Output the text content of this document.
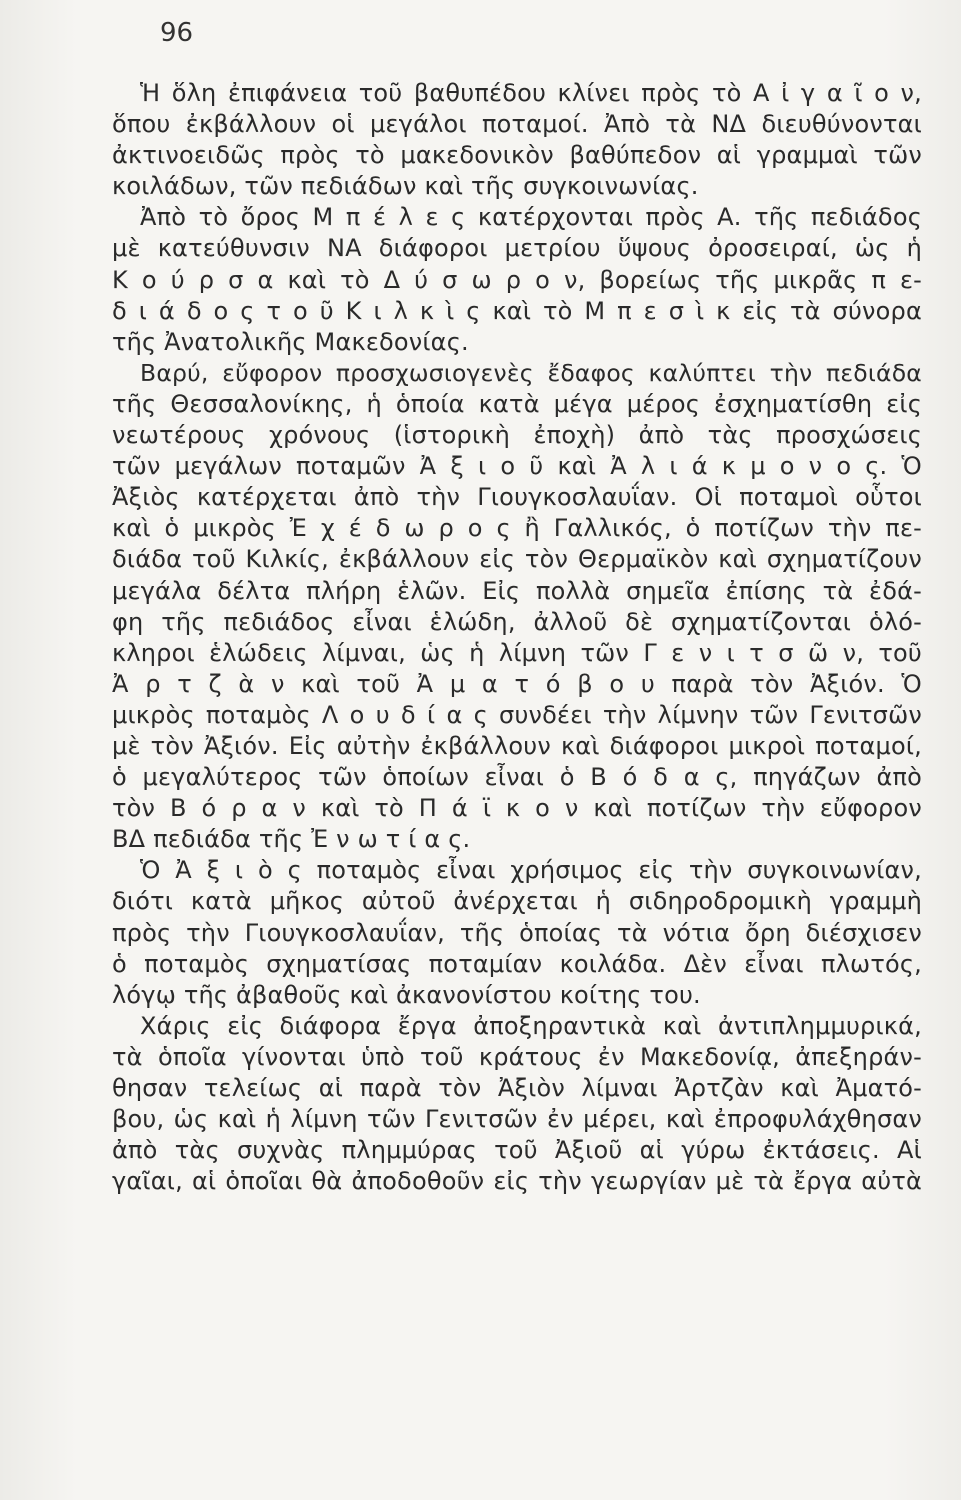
96
Ἡ ὅλη ἐπιφάνεια τοῦ βαθυπέδου κλίνει πρὸς τὸ Α ἰ γ α ῖ ο ν,
ὅπου ἐκβάλλουν οἱ μεγάλοι ποταμοί. Ἀπὸ τὰ ΝΔ διευθύνονται
ἀκτινοειδῶς πρὸς τὸ μακεδονικὸν βαθύπεδον αἱ γραμμαὶ τῶν
κοιλάδων, τῶν πεδιάδων καὶ τῆς συγκοινωνίας.
Ἀπὸ τὸ ὄρος Μ π έ λ ε ς κατέρχονται πρὸς Α. τῆς πεδιάδος
μὲ κατεύθυνσιν ΝΑ διάφοροι μετρίου ὕψους ὀροσειραί, ὡς ἡ
Κ ο ύ ρ σ α καὶ τὸ Δ ύ σ ω ρ ο ν, βορείως τῆς μικρᾶς π ε-
δ ι ά δ ο ς τ ο ῦ Κ ι λ κ ὶ ς καὶ τὸ Μ π ε σ ὶ κ εἰς τὰ σύνορα
τῆς Ἀνατολικῆς Μακεδονίας.
Βαρύ, εὔφορον προσχωσιογενὲς ἔδαφος καλύπτει τὴν πεδιάδα
τῆς Θεσσαλονίκης, ἡ ὁποία κατὰ μέγα μέρος ἐσχηματίσθη εἰς
νεωτέρους χρόνους (ἱστορικὴ ἐποχὴ) ἀπὸ τὰς προσχώσεις
τῶν μεγάλων ποταμῶν Ἀ ξ ι ο ῦ καὶ Ἀ λ ι ά κ μ ο ν ο ς. Ὁ
Ἀξιὸς κατέρχεται ἀπὸ τὴν Γιουγκοσλαυΐαν. Οἱ ποταμοὶ οὗτοι
καὶ ὁ μικρὸς Ἐ χ έ δ ω ρ ο ς ἢ Γαλλικός, ὁ ποτίζων τὴν πε-
διάδα τοῦ Κιλκίς, ἐκβάλλουν εἰς τὸν Θερμαϊκὸν καὶ σχηματίζουν
μεγάλα δέλτα πλήρη ἑλῶν. Εἰς πολλὰ σημεῖα ἐπίσης τὰ ἐδά-
φη τῆς πεδιάδος εἶναι ἑλώδη, ἀλλοῦ δὲ σχηματίζονται ὁλό-
κληροι ἑλώδεις λίμναι, ὡς ἡ λίμνη τῶν Γ ε ν ι τ σ ῶ ν, τοῦ
Ἀ ρ τ ζ ὰ ν καὶ τοῦ Ἀ μ α τ ό β ο υ παρὰ τὸν Ἀξιόν. Ὁ
μικρὸς ποταμὸς Λ ο υ δ ί α ς συνδέει τὴν λίμνην τῶν Γενιτσῶν
μὲ τὸν Ἀξιόν. Εἰς αὐτὴν ἐκβάλλουν καὶ διάφοροι μικροὶ ποταμοί,
ὁ μεγαλύτερος τῶν ὁποίων εἶναι ὁ Β ό δ α ς, πηγάζων ἀπὸ
τὸν Β ό ρ α ν καὶ τὸ Π ά ϊ κ ο ν καὶ ποτίζων τὴν εὔφορον
ΒΔ πεδιάδα τῆς Ἐ ν ω τ ί α ς.
Ὁ Ἀ ξ ι ὸ ς ποταμὸς εἶναι χρήσιμος εἰς τὴν συγκοινωνίαν,
διότι κατὰ μῆκος αὐτοῦ ἀνέρχεται ἡ σιδηροδρομικὴ γραμμὴ
πρὸς τὴν Γιουγκοσλαυΐαν, τῆς ὁποίας τὰ νότια ὄρη διέσχισεν
ὁ ποταμὸς σχηματίσας ποταμίαν κοιλάδα. Δὲν εἶναι πλωτός,
λόγῳ τῆς ἀβαθοῦς καὶ ἀκανονίστου κοίτης του.
Χάρις εἰς διάφορα ἔργα ἀποξηραντικὰ καὶ ἀντιπλημμυρικά,
τὰ ὁποῖα γίνονται ὑπὸ τοῦ κράτους ἐν Μακεδονίᾳ, ἀπεξηράν-
θησαν τελείως αἱ παρὰ τὸν Ἀξιὸν λίμναι Ἀρτζὰν καὶ Ἀματό-
βου, ὡς καὶ ἡ λίμνη τῶν Γενιτσῶν ἐν μέρει, καὶ ἐπροφυλάχθησαν
ἀπὸ τὰς συχνὰς πλημμύρας τοῦ Ἀξιοῦ αἱ γύρω ἐκτάσεις. Αἱ
γαῖαι, αἱ ὁποῖαι θὰ ἀποδοθοῦν εἰς τὴν γεωργίαν μὲ τὰ ἔργα αὐτὰ
